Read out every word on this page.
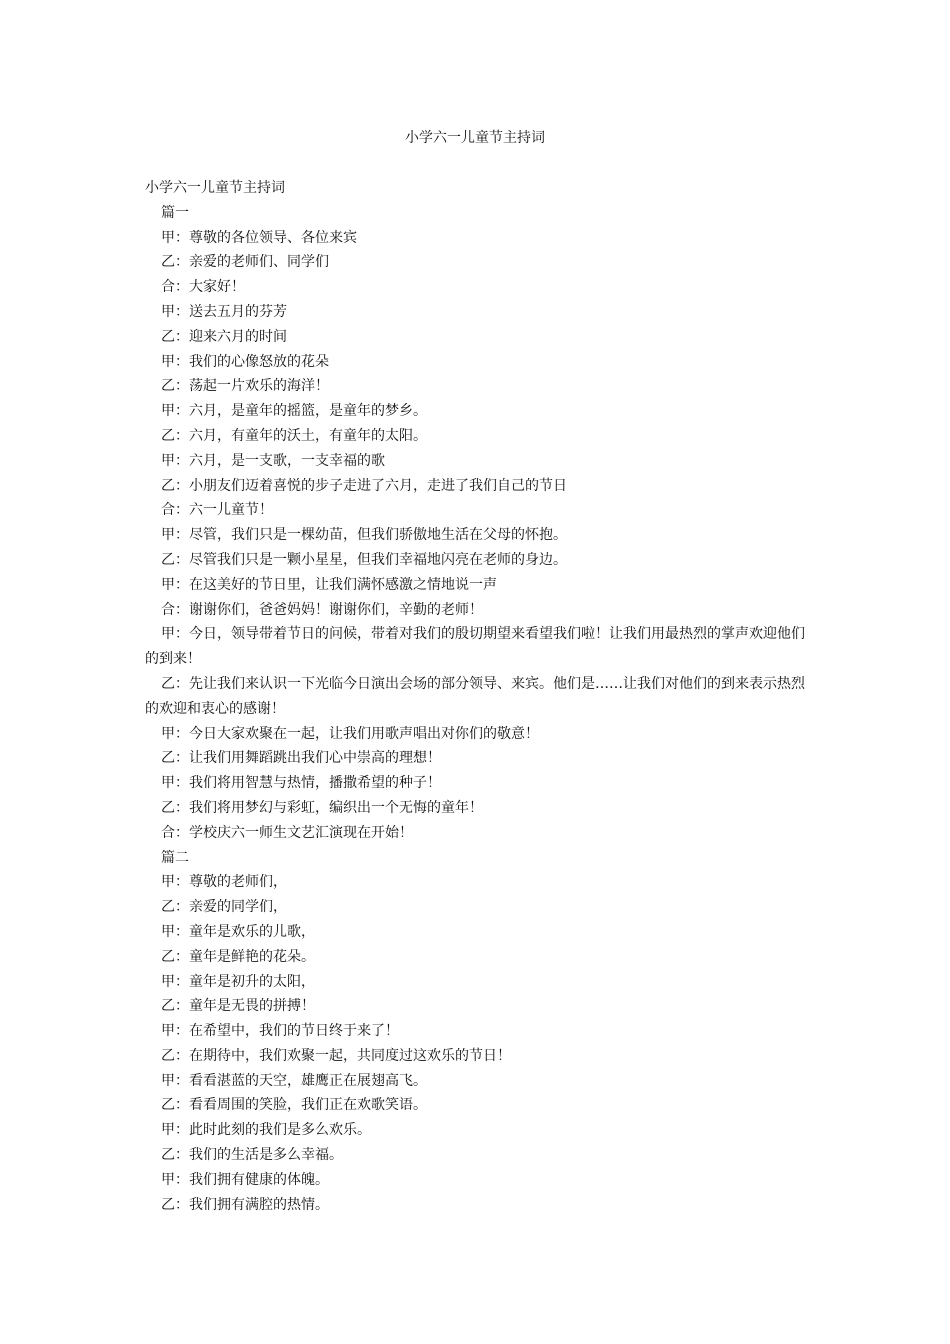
小学六一儿童节主持词

小学六一儿童节主持词

篇一

甲：尊敬的各位领导、各位来宾

乙：亲爱的老师们、同学们

合：大家好！

甲：送去五月的芬芳

乙：迎来六月的时间

甲：我们的心像怒放的花朵

乙：荡起一片欢乐的海洋！

甲：六月，是童年的摇篮，是童年的梦乡。

乙：六月，有童年的沃土，有童年的太阳。

甲：六月，是一支歌，一支幸福的歌

乙：小朋友们迈着喜悦的步子走进了六月，走进了我们自己的节日

合：六一儿童节！

甲：尽管，我们只是一棵幼苗，但我们骄傲地生活在父母的怀抱。

乙：尽管我们只是一颗小星星，但我们幸福地闪亮在老师的身边。

甲：在这美好的节日里，让我们满怀感激之情地说一声

合：谢谢你们，爸爸妈妈！谢谢你们，辛勤的老师！

甲：今日，领导带着节日的问候，带着对我们的殷切期望来看望我们啦！让我们用最热烈的掌声欢迎他们的到来！

乙：先让我们来认识一下光临今日演出会场的部分领导、来宾。他们是……让我们对他们的到来表示热烈的欢迎和衷心的感谢！

甲：今日大家欢聚在一起，让我们用歌声唱出对你们的敬意！

乙：让我们用舞蹈跳出我们心中崇高的理想！

甲：我们将用智慧与热情，播撒希望的种子！

乙：我们将用梦幻与彩虹，编织出一个无悔的童年！

合：学校庆六一师生文艺汇演现在开始！

篇二

甲：尊敬的老师们，

乙：亲爱的同学们，

甲：童年是欢乐的儿歌，

乙：童年是鲜艳的花朵。

甲：童年是初升的太阳，

乙：童年是无畏的拼搏！

甲：在希望中，我们的节日终于来了！

乙：在期待中，我们欢聚一起，共同度过这欢乐的节日！

甲：看看湛蓝的天空，雄鹰正在展翅高飞。

乙：看看周围的笑脸，我们正在欢歌笑语。

甲：此时此刻的我们是多么欢乐。

乙：我们的生活是多么幸福。

甲：我们拥有健康的体魄。

乙：我们拥有满腔的热情。
